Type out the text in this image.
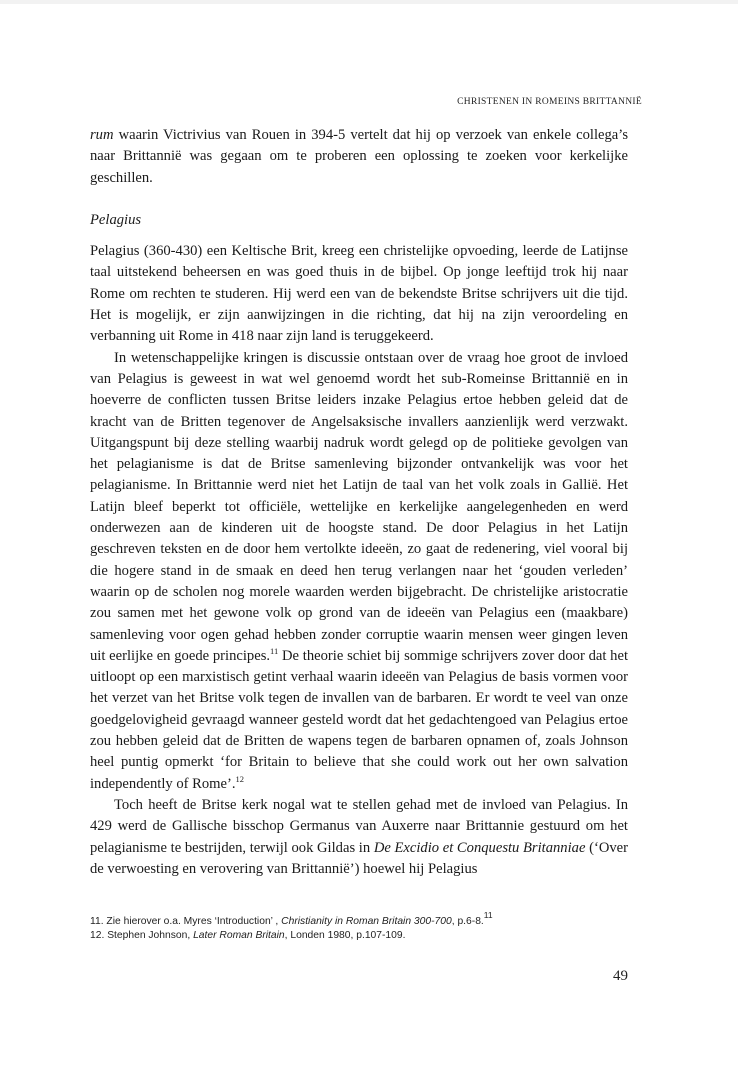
CHRISTENEN IN ROMEINS BRITTANNIË

rum waarin Victrivius van Rouen in 394-5 vertelt dat hij op verzoek van enkele collega’s naar Brittannië was gegaan om te proberen een oplossing te zoeken voor kerkelijke geschillen.

Pelagius

Pelagius (360-430) een Keltische Brit, kreeg een christelijke opvoeding, leerde de Latijnse taal uitstekend beheersen en was goed thuis in de bijbel. Op jonge leeftijd trok hij naar Rome om rechten te studeren. Hij werd een van de bekendste Britse schrijvers uit die tijd. Het is mogelijk, er zijn aanwijzingen in die richting, dat hij na zijn veroordeling en verbanning uit Rome in 418 naar zijn land is teruggekeerd.

In wetenschappelijke kringen is discussie ontstaan over de vraag hoe groot de invloed van Pelagius is geweest in wat wel genoemd wordt het sub-Romeinse Brittannië en in hoeverre de conflicten tussen Britse leiders inzake Pelagius ertoe hebben geleid dat de kracht van de Britten tegenover de Angelsaksische invallers aanzienlijk werd verzwakt. Uitgangspunt bij deze stelling waarbij nadruk wordt gelegd op de politieke gevolgen van het pelagianisme is dat de Britse samenleving bijzonder ontvankelijk was voor het pelagianisme. In Brittannie werd niet het Latijn de taal van het volk zoals in Gallië. Het Latijn bleef beperkt tot officiële, wettelijke en kerkelijke aangelegenheden en werd onderwezen aan de kinderen uit de hoogste stand. De door Pelagius in het Latijn geschreven teksten en de door hem vertolkte ideeën, zo gaat de redenering, viel vooral bij die hogere stand in de smaak en deed hen terug verlangen naar het ‘gouden verleden’ waarin op de scholen nog morele waarden werden bijgebracht. De christelijke aristocratie zou samen met het gewone volk op grond van de ideeën van Pelagius een (maakbare) samenleving voor ogen gehad hebben zonder corruptie waarin mensen weer gingen leven uit eerlijke en goede principes.$^{11}$ De theorie schiet bij sommige schrijvers zover door dat het uitloopt op een marxistisch getint verhaal waarin ideeën van Pelagius de basis vormen voor het verzet van het Britse volk tegen de invallen van de barbaren. Er wordt te veel van onze goedgelovigheid gevraagd wanneer gesteld wordt dat het gedachtengoed van Pelagius ertoe zou hebben geleid dat de Britten de wapens tegen de barbaren opnamen of, zoals Johnson heel puntig opmerkt ‘for Britain to believe that she could work out her own salvation independently of Rome’.$^{12}$

Toch heeft de Britse kerk nogal wat te stellen gehad met de invloed van Pelagius. In 429 werd de Gallische bisschop Germanus van Auxerre naar Brittannie gestuurd om het pelagianisme te bestrijden, terwijl ook Gildas in De Excidio et Conquestu Britanniae (‘Over de verwoesting en verovering van Brittannië’) hoewel hij Pelagius

11. Zie hierover o.a. Myres ‘Introduction’ , Christianity in Roman Britain 300-700, p.6-8.11

12. Stephen Johnson, Later Roman Britain, Londen 1980, p.107-109.

49
